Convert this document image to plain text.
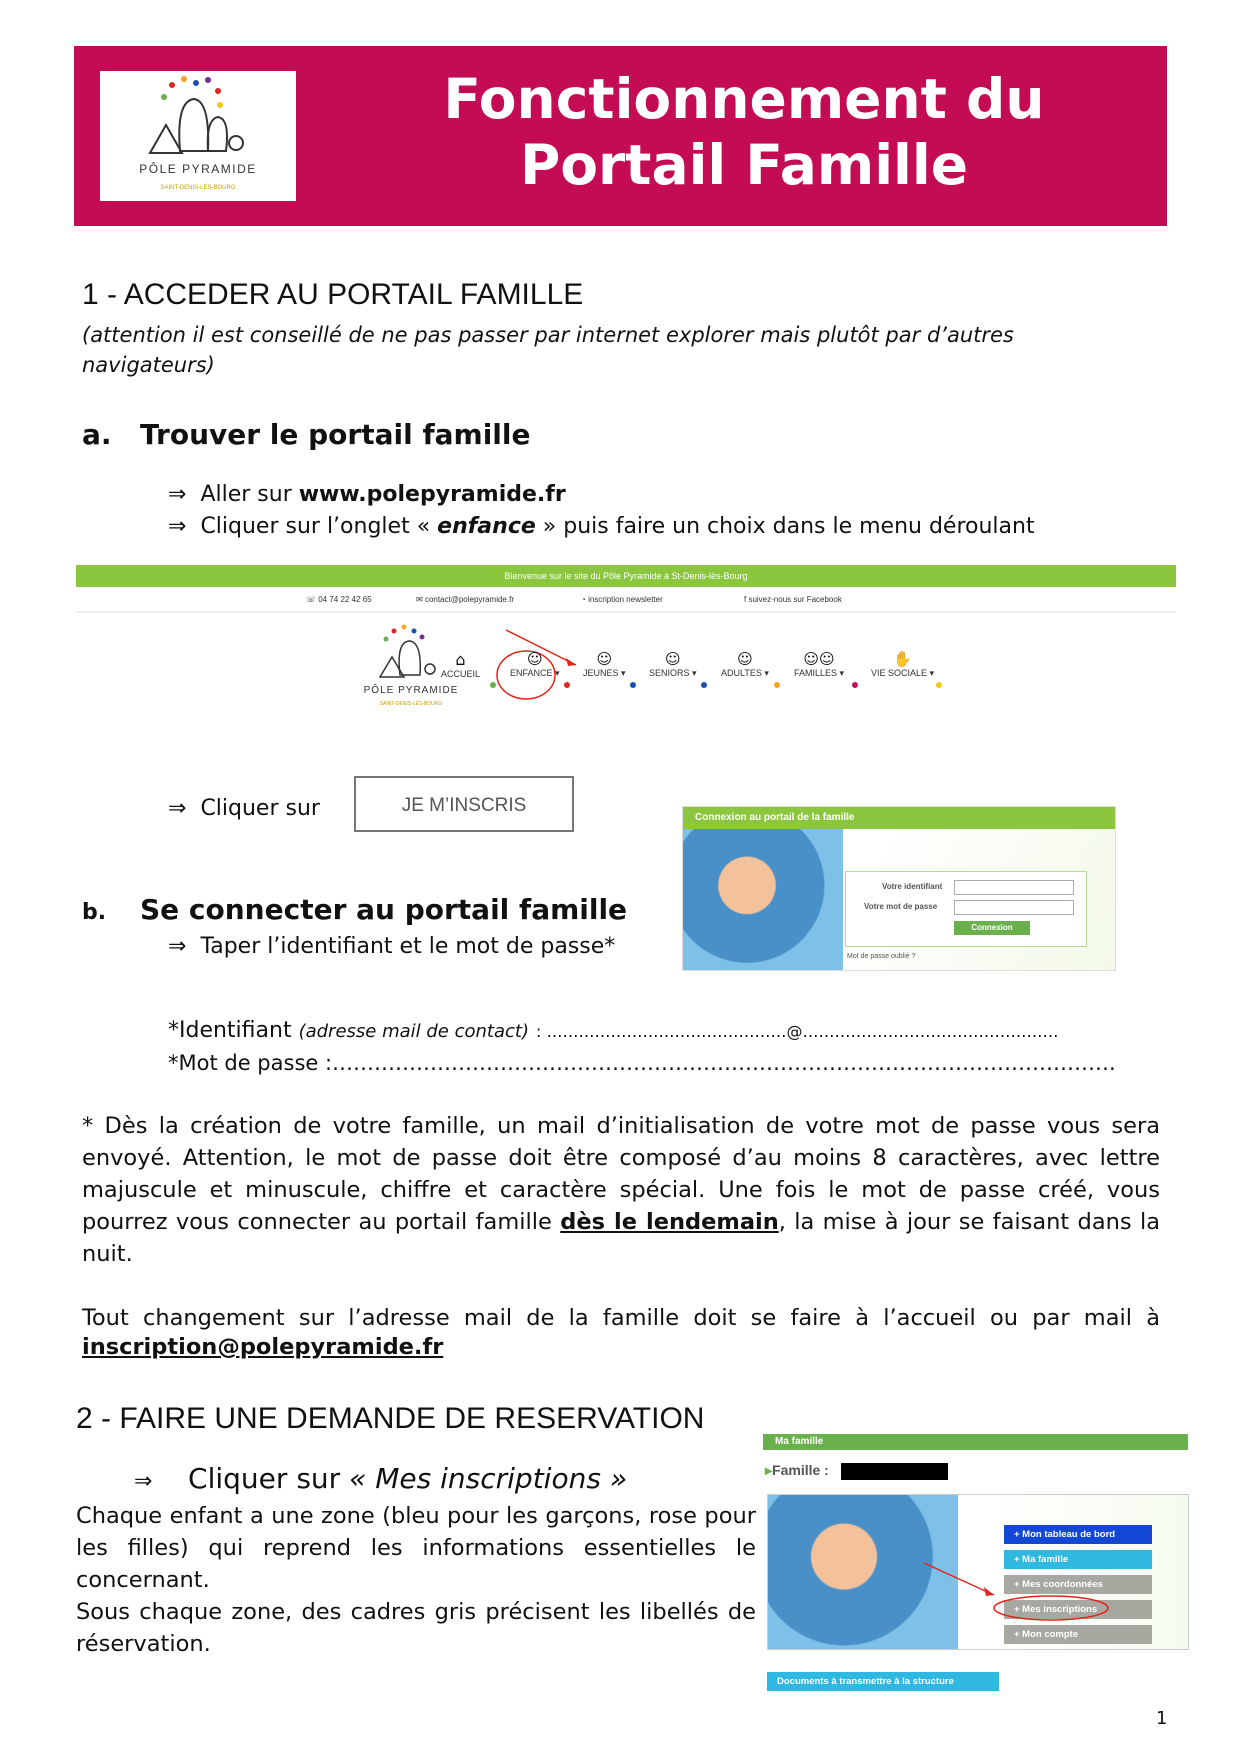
PÔLE PYRAMIDE
SAINT-DENIS-LÈS-BOURG
Fonctionnement du
Portail Famille
1 - ACCEDER AU PORTAIL FAMILLE
(attention il est conseillé de ne pas passer par internet explorer mais plutôt par d’autres navigateurs)
a. Trouver le portail famille
⇒ Aller sur www.polepyramide.fr
⇒ Cliquer sur l’onglet « enfance » puis faire un choix dans le menu déroulant
Bienvenue sur le site du Pôle Pyramide à St-Denis-lès-Bourg
☏ 04 74 22 42 65	✉ contact@polepyramide.fr	◔ inscription newsletter	f suivez-nous sur Facebook
PÔLE PYRAMIDE
SAINT-DENIS-LÈS-BOURG
⌂
ACCUEIL
☺
ENFANCE ▾
☺
JEUNES ▾
☺
SENIORS ▾
☺
ADULTES ▾
☺☺
FAMILLES ▾
✋
VIE SOCIALE ▾
⇒ Cliquer sur	JE M’INSCRIS
Connexion au portail de la famille
Votre identifiant
Votre mot de passe
Connexion
Mot de passe oublié ?
b. Se connecter au portail famille
⇒ Taper l’identifiant et le mot de passe*
*Identifiant (adresse mail de contact) : ………………………………………@…………………………………………
*Mot de passe :………………………………………………………………………………………………….
* Dès la création de votre famille, un mail d’initialisation de votre mot de passe vous sera envoyé. Attention, le mot de passe doit être composé d’au moins 8 caractères, avec lettre majuscule et minuscule, chiffre et caractère spécial. Une fois le mot de passe créé, vous pourrez vous connecter au portail famille dès le lendemain, la mise à jour se faisant dans la nuit.
Tout changement sur l’adresse mail de la famille doit se faire à l’accueil ou par mail à
inscription@polepyramide.fr
2 - FAIRE UNE DEMANDE DE RESERVATION
⇒ Cliquer sur « Mes inscriptions »
Chaque enfant a une zone (bleu pour les garçons, rose pour les filles) qui reprend les informations essentielles le concernant.
Sous chaque zone, des cadres gris précisent les libellés de réservation.
Ma famille
▸Famille :
+ Mon tableau de bord
+ Ma famille
+ Mes coordonnées
+ Mes inscriptions
+ Mon compte
Documents à transmettre à la structure
1
